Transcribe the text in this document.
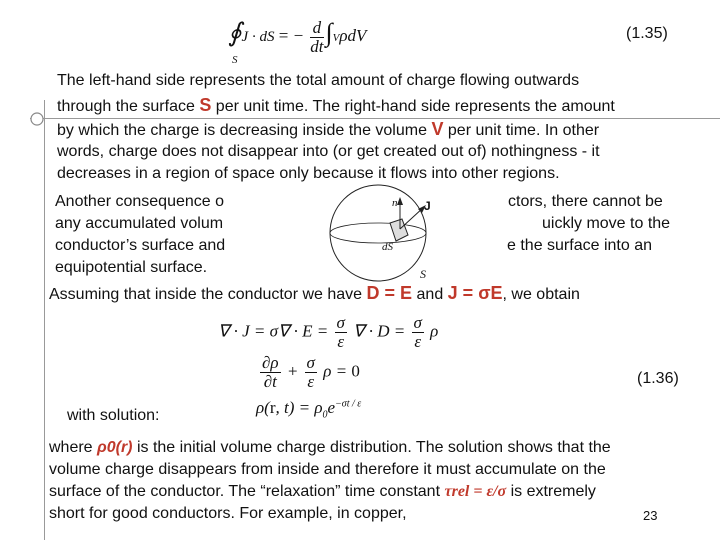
∮J · dS = − $\frac{d}{dt} \int V\rho dV$
S
(1.35)
The left-hand side represents the total amount of charge flowing outwards
through the surface S per unit time. The right-hand side represents the amount
by which the charge is decreasing inside the volume V per unit time. In other
words, charge does not disappear into (or get created out of) nothingness - it
decreases in a region of space only because it flows into other regions.
Another consequence o	ctors, there cannot be
any accumulated volum	uickly move to the
conductor’s surface and	e the surface into an
equipotential surface.
n J
dS
S
Assuming that inside the conductor we have D = E and J = σE, we obtain
∇ · $J = \sigma\nabla \cdot E = \frac{\sigma}{\varepsilon}$ ∇ · $D = \frac{\sigma}{\varepsilon}$ ρ
$\frac{\partial\rho}{\partial t} + \frac{\sigma}{\varepsilon}$ ρ = 0	(1.36)
with solution:	ρ(r, $t) = \rho_0e^{-\sigma t / \varepsilon}$
where ρ0(r) is the initial volume charge distribution. The solution shows that the
volume charge disappears from inside and therefore it must accumulate on the
surface of the conductor. The “relaxation” time constant τrel = ε/σ is extremely
short for good conductors. For example, in copper,	23
